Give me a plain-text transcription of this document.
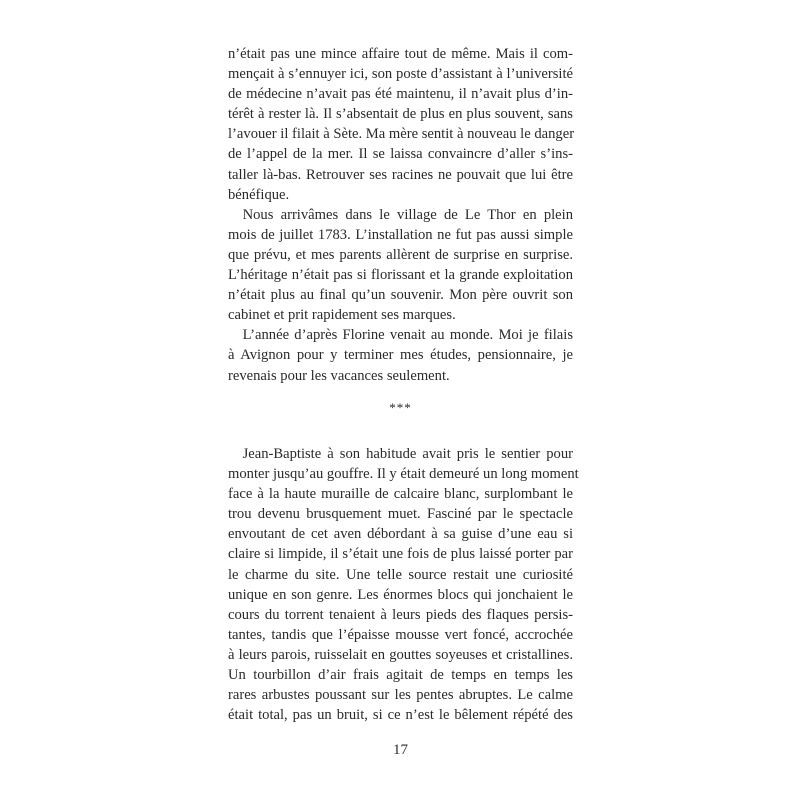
n’était pas une mince affaire tout de même. Mais il com-
mençait à s’ennuyer ici, son poste d’assistant à l’université
de médecine n’avait pas été maintenu, il n’avait plus d’in-
térêt à rester là. Il s’absentait de plus en plus souvent, sans
l’avouer il filait à Sète. Ma mère sentit à nouveau le danger
de l’appel de la mer. Il se laissa convaincre d’aller s’ins-
taller là-bas. Retrouver ses racines ne pouvait que lui être
bénéfique.
 Nous arrivâmes dans le village de Le Thor en plein
mois de juillet 1783. L’installation ne fut pas aussi simple
que prévu, et mes parents allèrent de surprise en surprise.
L’héritage n’était pas si florissant et la grande exploitation
n’était plus au final qu’un souvenir. Mon père ouvrit son
cabinet et prit rapidement ses marques.
 L’année d’après Florine venait au monde. Moi je filais
à Avignon pour y terminer mes études, pensionnaire, je
revenais pour les vacances seulement.
***
 Jean-Baptiste à son habitude avait pris le sentier pour
monter jusqu’au gouffre. Il y était demeuré un long moment
face à la haute muraille de calcaire blanc, surplombant le
trou devenu brusquement muet. Fasciné par le spectacle
envoutant de cet aven débordant à sa guise d’une eau si
claire si limpide, il s’était une fois de plus laissé porter par
le charme du site. Une telle source restait une curiosité
unique en son genre. Les énormes blocs qui jonchaient le
cours du torrent tenaient à leurs pieds des flaques persis-
tantes, tandis que l’épaisse mousse vert foncé, accrochée
à leurs parois, ruisselait en gouttes soyeuses et cristallines.
Un tourbillon d’air frais agitait de temps en temps les
rares arbustes poussant sur les pentes abruptes. Le calme
était total, pas un bruit, si ce n’est le bêlement répété des
17
